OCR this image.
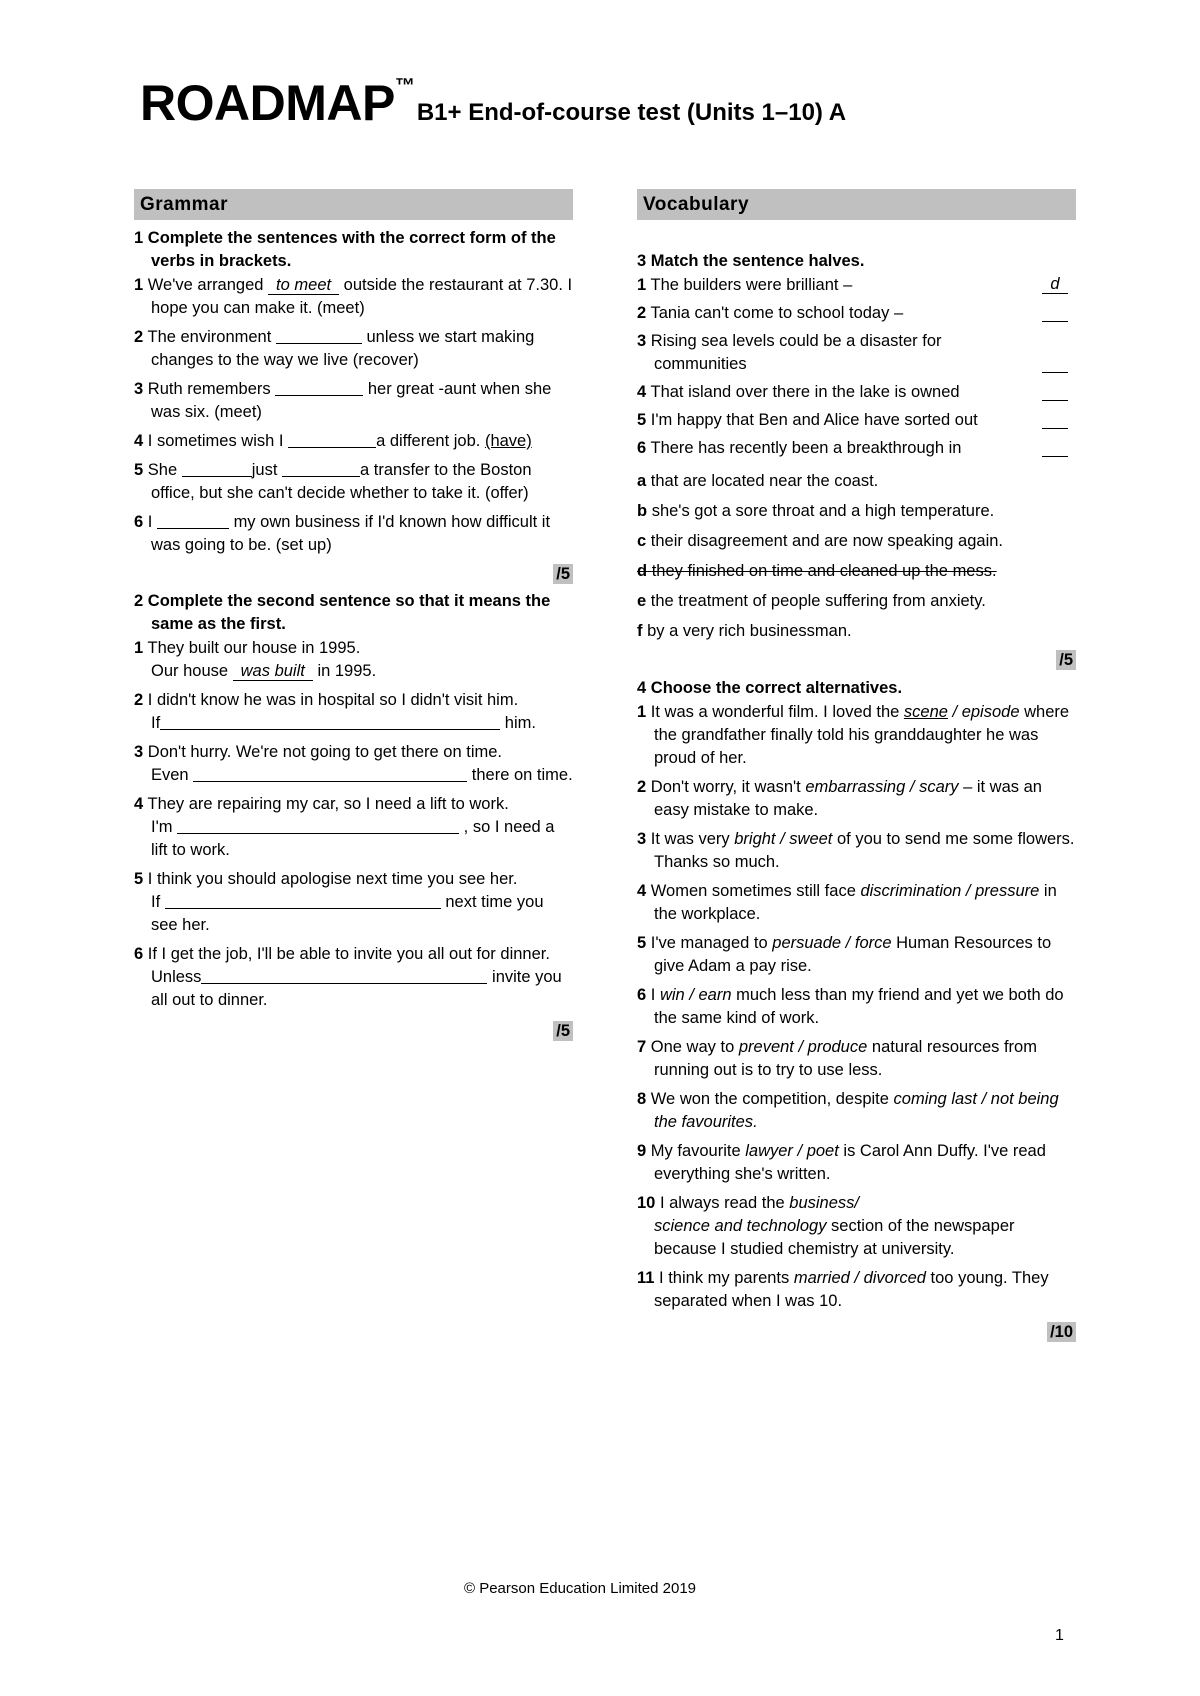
ROADMAP™B1+ End-of-course test (Units 1–10) A
Grammar
1 Complete the sentences with the correct form of the verbs in brackets.
1 We've arranged to meet outside the restaurant at 7.30. I hope you can make it. (meet)
2 The environment	unless we start making changes to the way we live (recover)
3 Ruth remembers	her great -aunt when she was six. (meet)
4 I sometimes wish I	a different job. (have)
5 She	just	a transfer to the Boston office, but she can't decide whether to take it. (offer)
6 I	my own business if I'd known how difficult it was going to be. (set up)
/5
2 Complete the second sentence so that it means the same as the first.
1 They built our house in 1995.
Our house was built in 1995.
2 I didn't know he was in hospital so I didn't visit him.
If	him.
3 Don't hurry. We're not going to get there on time.
Even	there on time.
4 They are repairing my car, so I need a lift to work.
I'm	, so I need a lift to work.
5 I think you should apologise next time you see her.
If	next time you see her.
6 If I get the job, I'll be able to invite you all out for dinner.
Unless	invite you all out to dinner.
/5
Vocabulary
3 Match the sentence halves.
1 The builders were brilliant –	d
2 Tania can't come to school today –
3 Rising sea levels could be a disaster for communities
4 That island over there in the lake is owned
5 I'm happy that Ben and Alice have sorted out
6 There has recently been a breakthrough in
a that are located near the coast.
b she's got a sore throat and a high temperature.
c their disagreement and are now speaking again.
d they finished on time and cleaned up the mess.
e the treatment of people suffering from anxiety.
f by a very rich businessman.
/5
4 Choose the correct alternatives.
1 It was a wonderful film. I loved the scene / episode where the grandfather finally told his granddaughter he was proud of her.
2 Don't worry, it wasn't embarrassing / scary – it was an easy mistake to make.
3 It was very bright / sweet of you to send me some flowers. Thanks so much.
4 Women sometimes still face discrimination / pressure in the workplace.
5 I've managed to persuade / force Human Resources to give Adam a pay rise.
6 I win / earn much less than my friend and yet we both do the same kind of work.
7 One way to prevent / produce natural resources from running out is to try to use less.
8 We won the competition, despite coming last / not being the favourites.
9 My favourite lawyer / poet is Carol Ann Duffy. I've read everything she's written.
10 I always read the business/
science and technology section of the newspaper because I studied chemistry at university.
11 I think my parents married / divorced too young. They separated when I was 10.
/10
© Pearson Education Limited 2019
1
